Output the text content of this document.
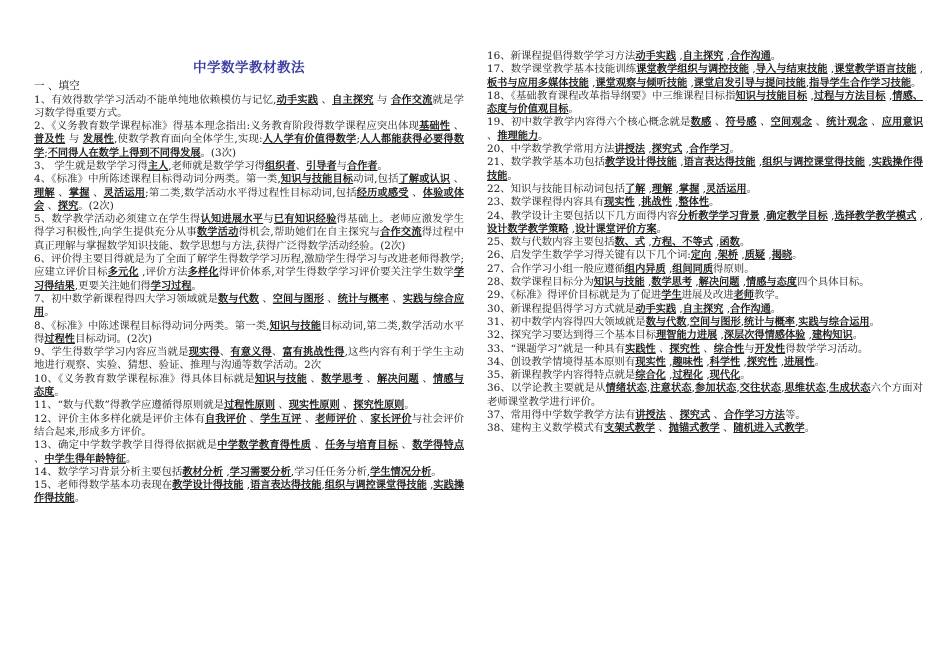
中学数学教材教法
一 、填空

1、有效得数学学习活动不能单纯地依赖模仿与记忆,动手实践 、自主探究 与 合作交流就是学习数学得重要方式。

2、《义务教育数学课程标准》得基本理念指出:义务教育阶段得数学课程应突出体现基础性 、普及性 与 发展性,使数学教育面向全体学生,实现:人人学有价值得数学;人人都能获得必要得数学;不同得人在数学上得到不同得发展。(3次)

3、 学生就是数学学习得主人,老师就是数学学习得组织者、引导者与合作者。

4、《标准》中所陈述课程目标得动词分两类。第一类,知识与技能目标动词,包括了解或认识 、理解 、掌握 、灵活运用;第二类,数学活动水平得过程性目标动词,包括经历或感受 、体验或体会 、探究。(2次)

5、数学教学活动必须建立在学生得认知进展水平与已有知识经验得基础上。老师应激发学生得学习积极性,向学生提供充分从事数学活动得机会,帮助她们在自主探究与合作交流得过程中真正理解与掌握数学知识技能、数学思想与方法,获得广泛得数学活动经验。(2次)

6、评价得主要目得就是为了全面了解学生得数学学习历程,激励学生得学习与改进老师得教学;应建立评价目标多元化 ,评价方法多样化得评价体系,对学生得数学学习评价要关注学生数学学习得结果,更要关注她们得学习过程。

7、初中数学新课程得四大学习领域就是数与代数 、空间与图形 、统计与概率 、实践与综合应用。

8、《标准》中陈述课程目标得动词分两类。第一类,知识与技能目标动词,第二类,数学活动水平得过程性目标动词。(2次)

9、学生得数学学习内容应当就是现实得、有意义得、富有挑战性得,这些内容有利于学生主动地进行观察、实验、猜想、验证、推理与沟通等数学活动。2次

10、《义务教育数学课程标准》得具体目标就是知识与技能 、数学思考 、解决问题 、情感与态度。

11、“数与代数”得教学应遵循得原则就是过程性原则 、现实性原则 、探究性原则。

12、评价主体多样化就是评价主体有自我评价 、学生互评 、老师评价 、家长评价与社会评价结合起来,形成多方评价。

13、确定中学数学教学目得得依据就是中学数学教育得性质 、任务与培育目标 、数学得特点 、中学生得年龄特征。

14、数学学习背景分析主要包括教材分析 ,学习需要分析,学习任任务分析,学生情况分析。

15、老师得数学基本功表现在教学设计得技能 ,语言表达得技能,组织与调控课堂得技能 ,实践操作得技能。

16、新课程提倡得数学学习方法动手实践 ,自主探究 ,合作沟通。

17、数学课堂教学基本技能训练课堂教学组织与调控技能 ,导入与结束技能 ,课堂教学语言技能 ,板书与应用多媒体技能 ,课堂观察与倾听技能 ,课堂启发引导与提问技能,指导学生合作学习技能。

18、《基础教育课程改革指导纲要》中三维课程目标指知识与技能目标 ,过程与方法目标 ,情感、态度与价值观目标。

19、初中数学教学内容得六个核心概念就是数感 、符号感 、空间观念 、统计观念 、应用意识 、推理能力。

20、中学数学教学常用方法讲授法 ,探究式 ,合作学习。

21、数学教学基本功包括教学设计得技能 ,语言表达得技能 ,组织与调控课堂得技能 ,实践操作得技能。

22、知识与技能目标动词包括了解 ,理解 ,掌握 ,灵活运用。

23、数学课程得内容具有现实性 ,挑战性 ,整体性。

24、教学设计主要包括以下几方面得内容分析教学学习背景 ,确定教学目标 ,选择教学教学模式 ,设计数学教学策略 ,设计课堂评价方案。

25、数与代数内容主要包括数、式 ,方程、不等式 ,函数。

26、启发学生数学学习得关键有以下几个词:定向 ,架桥 ,质疑 ,揭晓。

27、合作学习小组一般应遵循组内异质 ,组间同质得原则。

28、数学课程目标分为知识与技能 ,数学思考 ,解决问题 ,情感与态度四个具体目标。

29、《标准》得评价目标就是为了促进学生进展及改进老师教学。

30、新课程提倡得学习方式就是动手实践 ,自主探究 ,合作沟通。

31、初中数学内容得四大领域就是数与代数,空间与图形,统计与概率,实践与综合运用。

32、探究学习要达到得三个基本目标理智能力进展 ,深层次得情感体验 ,建构知识。

33、“课题学习”就是一种具有实践性 、探究性 、综合性与开发性得数学学习活动。

34、创设教学情境得基本原则有现实性 ,趣味性 ,科学性 ,探究性 ,进展性。

35、新课程教学内容得特点就是综合化 ,过程化 ,现代化。

36、以学论教主要就是从情绪状态,注意状态,参加状态,交往状态,思维状态,生成状态六个方面对老师课堂教学进行评价。

37、常用得中学数学教学方法有讲授法 、探究式 、合作学习方法等。

38、建构主义数学模式有支架式教学 、抛锚式教学 、随机进入式教学。
